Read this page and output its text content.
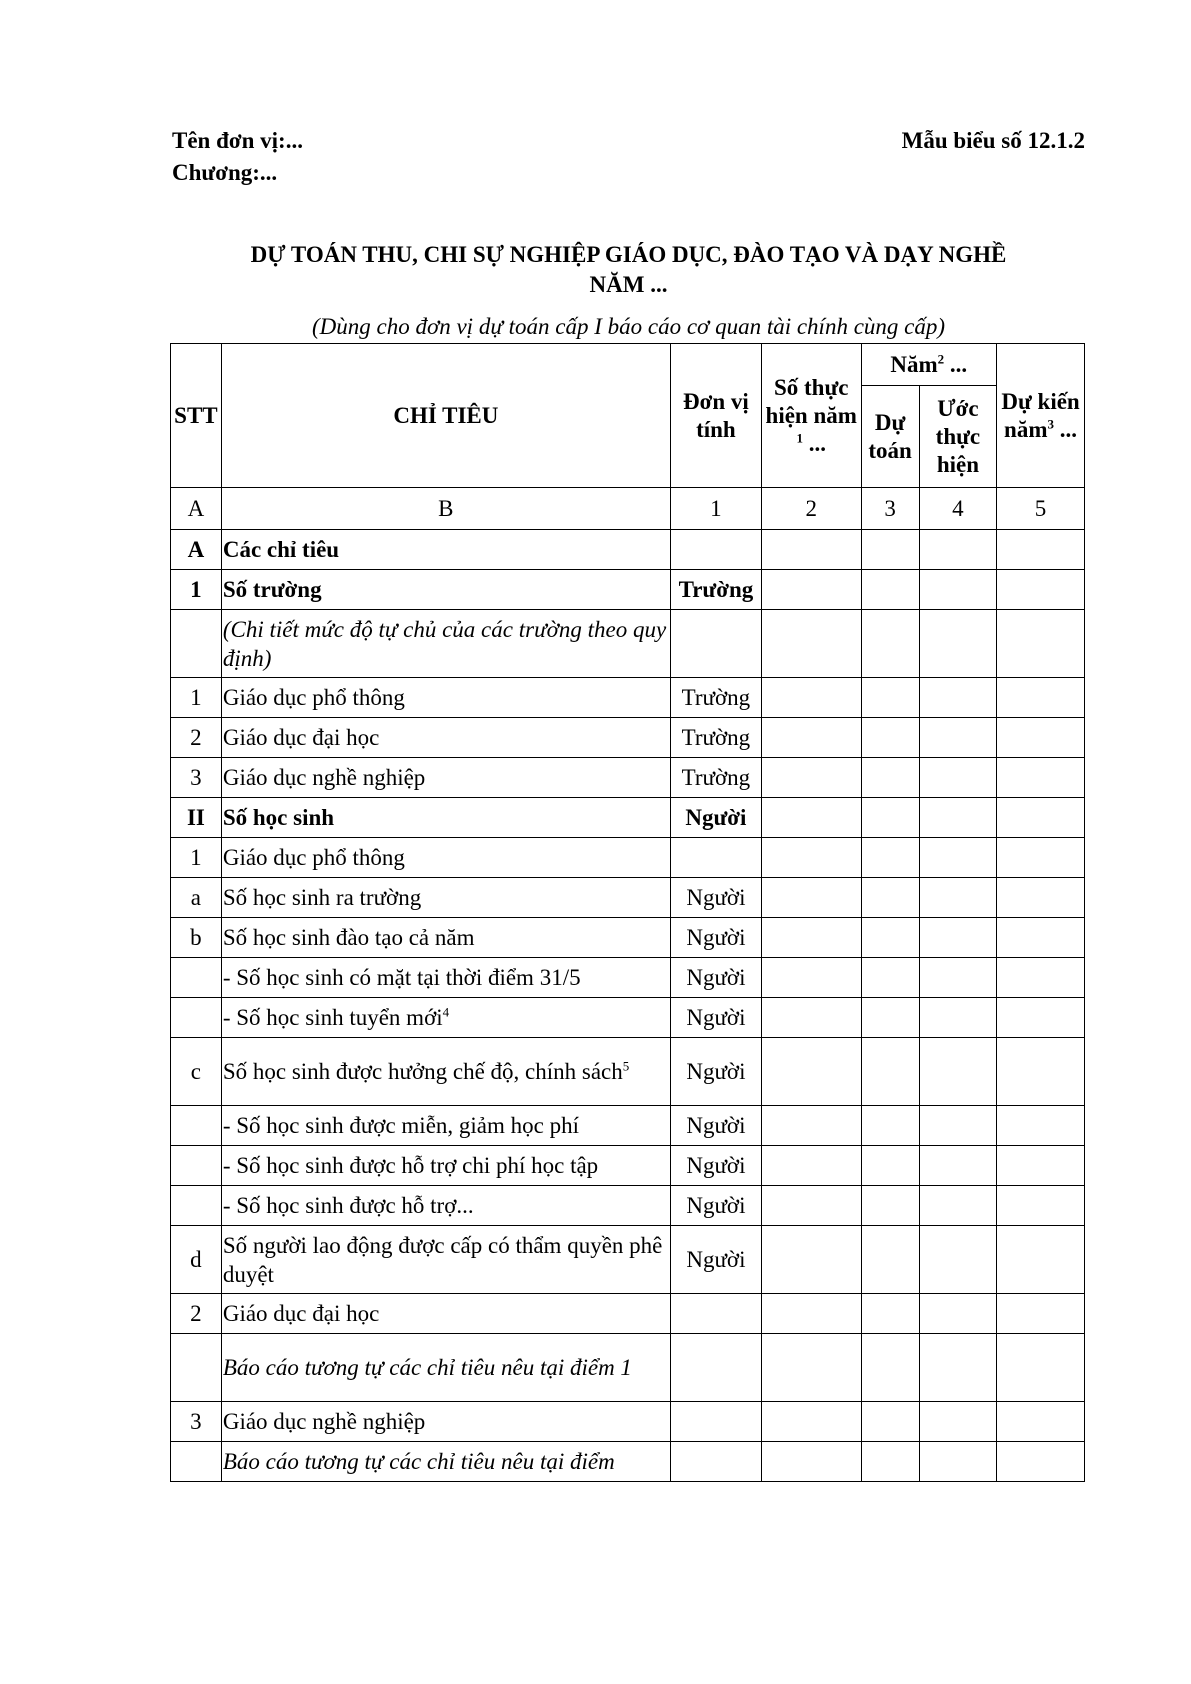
Tên đơn vị:...
Chương:...
Mẫu biểu số 12.1.2
DỰ TOÁN THU, CHI SỰ NGHIỆP GIÁO DỤC, ĐÀO TẠO VÀ DẠY NGHỀ
NĂM ...
(Dùng cho đơn vị dự toán cấp I báo cáo cơ quan tài chính cùng cấp)
STT	CHỈ TIÊU	Đơn vị tính	Số thực hiện năm $^1$ ...	Năm$^2$ ...		Dự kiến năm$^3$ ...
				Dự toán	Ước thực hiện	
A	B	1	2	3	4	5
A	Các chỉ tiêu					
1	Số trường	Trường				
	(Chi tiết mức độ tự chủ của các trường theo quy định)					
1	Giáo dục phổ thông	Trường				
2	Giáo dục đại học	Trường				
3	Giáo dục nghề nghiệp	Trường				
II	Số học sinh	Người				
1	Giáo dục phổ thông					
a	Số học sinh ra trường	Người				
b	Số học sinh đào tạo cả năm	Người				
	- Số học sinh có mặt tại thời điểm 31/5	Người				
	- Số học sinh tuyển mới$^4$	Người				
c	Số học sinh được hưởng chế độ, chính sách$^5$	Người				
	- Số học sinh được miễn, giảm học phí	Người				
	- Số học sinh được hỗ trợ chi phí học tập	Người				
	- Số học sinh được hỗ trợ...	Người				
d	Số người lao động được cấp có thẩm quyền phê duyệt	Người				
2	Giáo dục đại học					
	Báo cáo tương tự các chỉ tiêu nêu tại điểm 1					
3	Giáo dục nghề nghiệp					
	Báo cáo tương tự các chỉ tiêu nêu tại điểm					
